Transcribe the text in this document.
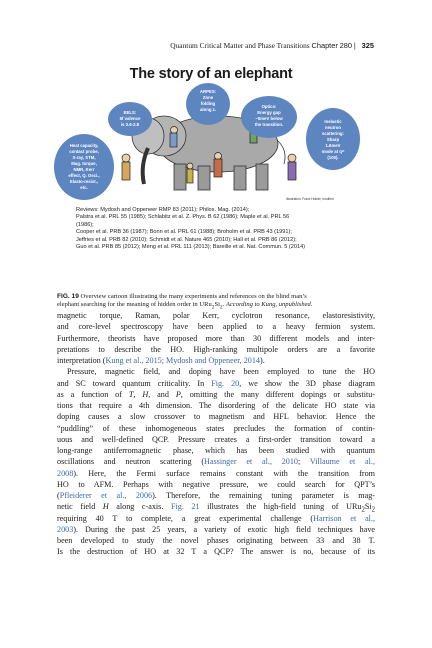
Quantum Critical Matter and Phase Transitions Chapter 280 | 325
The story of an elephant
ARPES: Zone folding along z.
Optics: Energy gap ~5meV below the transition.
EELS: 5f valence is 2.6-2.8
Inelastic neutron scattering: Sharp 1.6meV mode at q= (100).
Heat capacity, contact probe, X-ray, STM, Mag. torque, NMR, Kerr effect, Q. Osci., Elasto-resist., etc.
Illustration: Franz Hubler, modifed
Reviews: Mydosh and Oppeneer RMP 83 (2011); Philos. Mag. (2014);
Palstra et al. PRL 55 (1985); Schlabitz et al. Z. Phys. B 62 (1986); Maple et al. PRL 56
(1986);
Cooper et al. PRB 36 (1987); Bonn et al. PRL 61 (1988); Broholm et al. PRB 43 (1991);
Jeffries et al. PRB 82 (2010); Schmidt et al. Nature 465 (2010); Hall et al. PRB 86 (2012);
Guo et al. PRB 85 (2012); Meng et al. PRL 111 (2013); Bareille et al. Nat. Commun. 5 (2014)
FIG. 19 Overview cartoon illustrating the many experiments and references on the blind man’s
elephant searching for the meaning of hidden order in $URu_2Si_2$. According to Kung, unpublished.
magnetic torque, Raman, polar Kerr, cyclotron resonance, elastoresistivity,
and core-level spectroscopy have been applied to a heavy fermion system.
Furthermore, theorists have proposed more than 30 different models and inter-
pretations to describe the HO. High-ranking multipole orders are a favorite
interpretation (Kung et al., 2015; Mydosh and Oppeneer, 2014).
Pressure, magnetic field, and doping have been employed to tune the HO
and SC toward quantum criticality. In Fig. 20, we show the 3D phase diagram
as a function of T, H, and P, omitting the many different dopings or substitu-
tions that require a 4th dimension. The disordering of the delicate HO state via
doping causes a slow crossover to magnetism and HFL behavior. Hence the
“puddling” of these inhomogeneous states precludes the formation of contin-
uous and well-defined QCP. Pressure creates a first-order transition toward a
long-range antiferromagnetic phase, which has been studied with quantum
oscillations and neutron scattering (Hassinger et al., 2010; Villaume et al.,
2008). Here, the Fermi surface remains constant with the transition from
HO to AFM. Perhaps with negative pressure, we could search for QPT’s
(Pfleiderer et al., 2006). Therefore, the remaining tuning parameter is mag-
netic field H along c-axis. Fig. 21 illustrates the high-field tuning of $URu_2Si_2$
requiring 40 T to complete, a great experimental challenge (Harrison et al.,
2003). During the past 25 years, a variety of exotic high field techniques have
been developed to study the novel phases originating between 33 and 38 T.
Is the destruction of HO at 32 T a QCP? The answer is no, because of its
